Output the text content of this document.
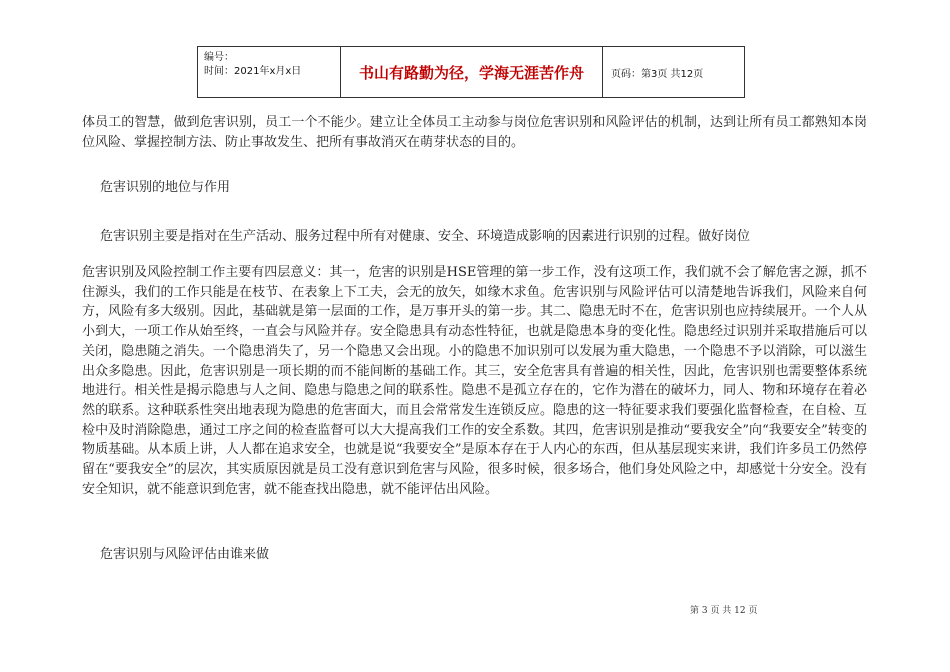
编号：
时间：2021年x月x日	书山有路勤为径，学海无涯苦作舟	页码：第3页 共12页

体员工的智慧，做到危害识别，员工一个不能少。建立让全体员工主动参与岗位危害识别和风险评估的机制，达到让所有员工都熟知本岗位风险、掌握控制方法、防止事故发生、把所有事故消灭在萌芽状态的目的。

危害识别的地位与作用

危害识别主要是指对在生产活动、服务过程中所有对健康、安全、环境造成影响的因素进行识别的过程。做好岗位

危害识别及风险控制工作主要有四层意义：其一，危害的识别是HSE管理的第一步工作，没有这项工作，我们就不会了解危害之源，抓不住源头，我们的工作只能是在枝节、在表象上下工夫，会无的放矢，如缘木求鱼。危害识别与风险评估可以清楚地告诉我们，风险来自何方，风险有多大级别。因此，基础就是第一层面的工作，是万事开头的第一步。其二、隐患无时不在，危害识别也应持续展开。一个人从小到大，一项工作从始至终，一直会与风险并存。安全隐患具有动态性特征，也就是隐患本身的变化性。隐患经过识别并采取措施后可以关闭，隐患随之消失。一个隐患消失了，另一个隐患又会出现。小的隐患不加识别可以发展为重大隐患，一个隐患不予以消除，可以滋生出众多隐患。因此，危害识别是一项长期的而不能间断的基础工作。其三，安全危害具有普遍的相关性，因此，危害识别也需要整体系统地进行。相关性是揭示隐患与人之间、隐患与隐患之间的联系性。隐患不是孤立存在的，它作为潜在的破坏力，同人、物和环境存在着必然的联系。这种联系性突出地表现为隐患的危害面大，而且会常常发生连锁反应。隐患的这一特征要求我们要强化监督检查，在自检、互检中及时消除隐患，通过工序之间的检查监督可以大大提高我们工作的安全系数。其四，危害识别是推动“要我安全”向“我要安全”转变的物质基础。从本质上讲，人人都在追求安全，也就是说“我要安全”是原本存在于人内心的东西，但从基层现实来讲，我们许多员工仍然停留在“要我安全”的层次，其实质原因就是员工没有意识到危害与风险，很多时候，很多场合，他们身处风险之中，却感觉十分安全。没有安全知识，就不能意识到危害，就不能查找出隐患，就不能评估出风险。

危害识别与风险评估由谁来做

第 3 页 共 12 页
